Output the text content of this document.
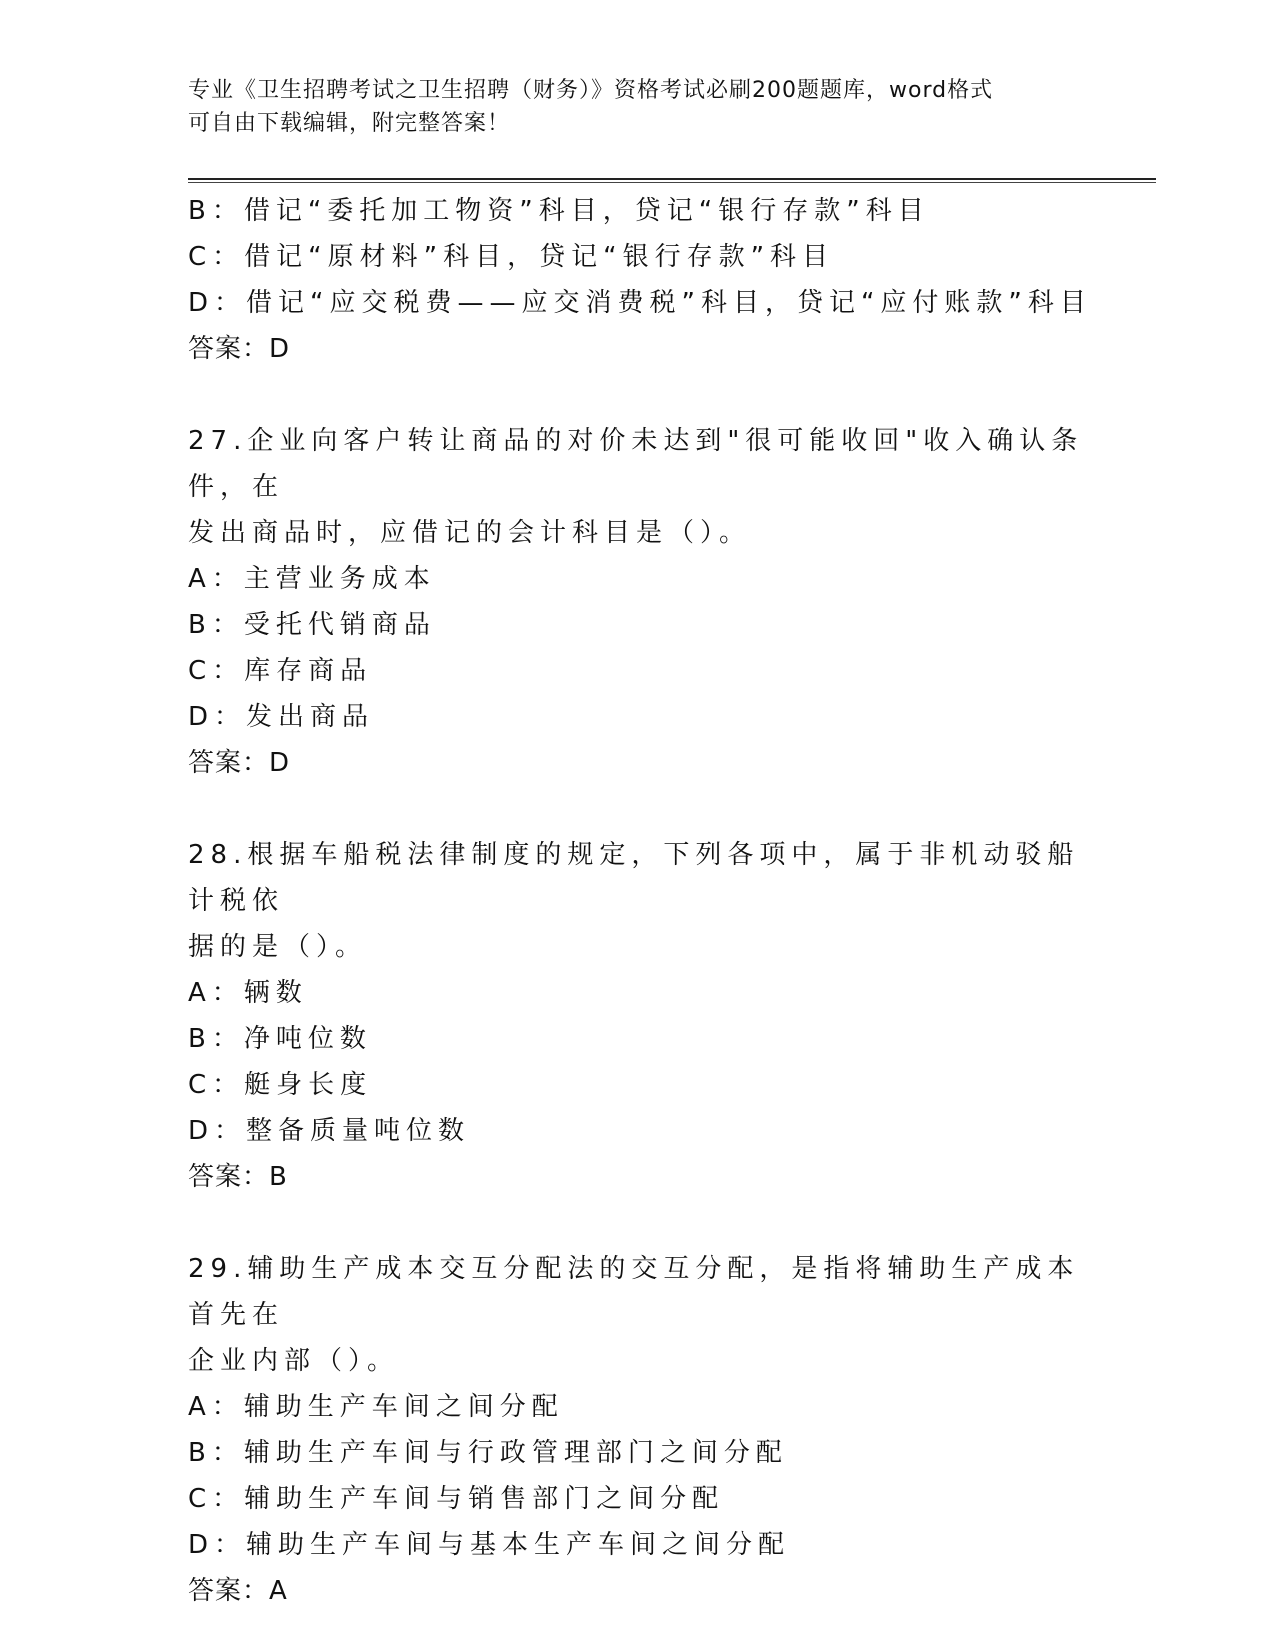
专业《卫生招聘考试之卫生招聘（财务）》资格考试必刷200题题库，word格式
可自由下载编辑，附完整答案！
B：借记“委托加工物资”科目，贷记“银行存款”科目
C：借记“原材料”科目，贷记“银行存款”科目
D：借记“应交税费——应交消费税”科目，贷记“应付账款”科目
答案：D
27.企业向客户转让商品的对价未达到"很可能收回"收入确认条件，在
发出商品时，应借记的会计科目是（）。
A：主营业务成本
B：受托代销商品
C：库存商品
D：发出商品
答案：D
28.根据车船税法律制度的规定，下列各项中，属于非机动驳船计税依
据的是（）。
A：辆数
B：净吨位数
C：艇身长度
D：整备质量吨位数
答案：B
29.辅助生产成本交互分配法的交互分配，是指将辅助生产成本首先在
企业内部（）。
A：辅助生产车间之间分配
B：辅助生产车间与行政管理部门之间分配
C：辅助生产车间与销售部门之间分配
D：辅助生产车间与基本生产车间之间分配
答案：A
